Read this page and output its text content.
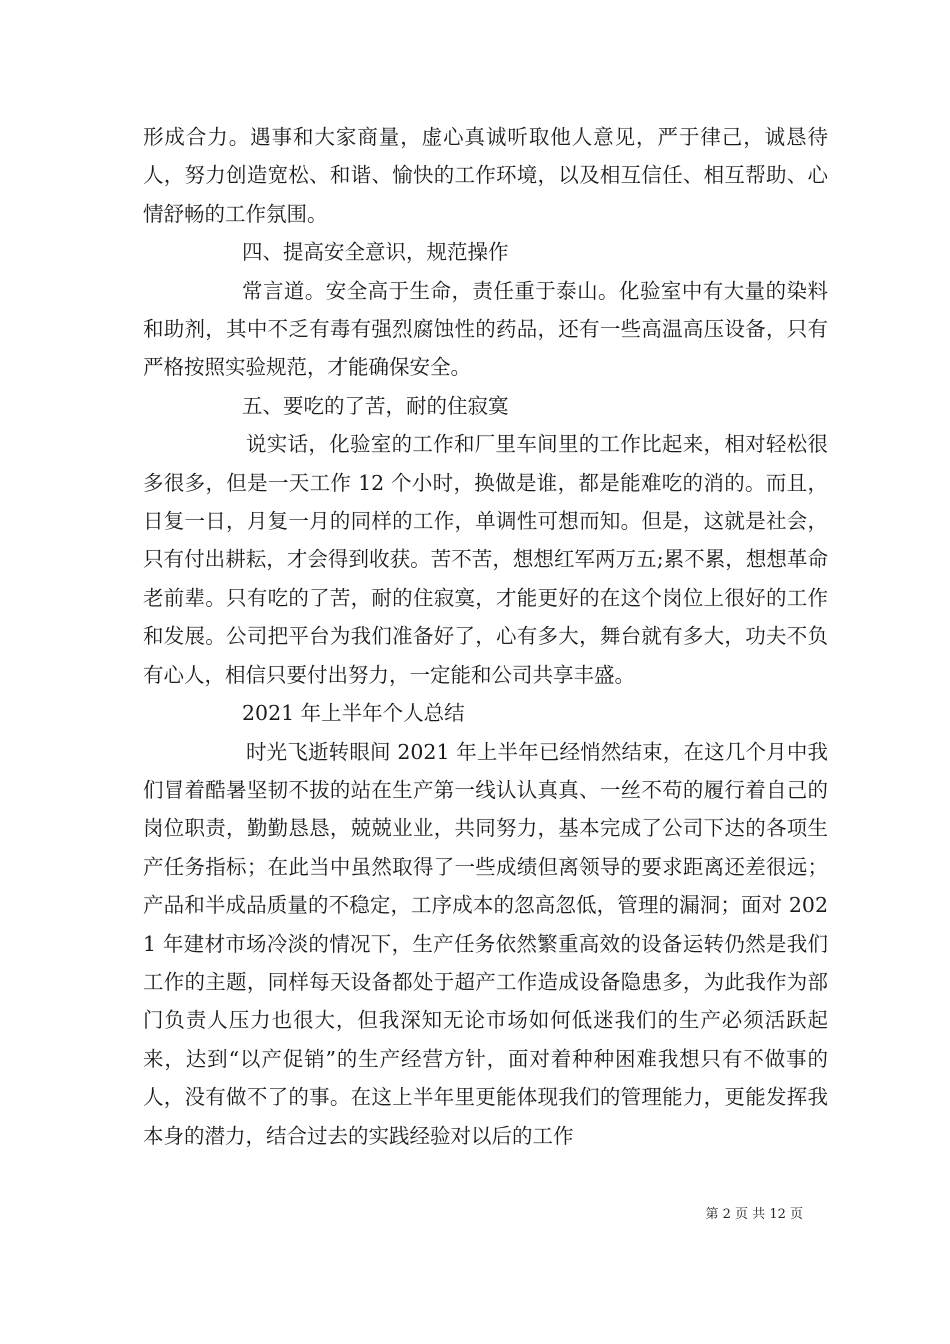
形成合力。遇事和大家商量，虚心真诚听取他人意见，严于律己，诚恳待人，努力创造宽松、和谐、愉快的工作环境，以及相互信任、相互帮助、心情舒畅的工作氛围。

四、提高安全意识，规范操作

常言道。安全高于生命，责任重于泰山。化验室中有大量的染料和助剂，其中不乏有毒有强烈腐蚀性的药品，还有一些高温高压设备，只有严格按照实验规范，才能确保安全。

五、要吃的了苦，耐的住寂寞

说实话，化验室的工作和厂里车间里的工作比起来，相对轻松很多很多，但是一天工作 12 个小时，换做是谁，都是能难吃的消的。而且，日复一日，月复一月的同样的工作，单调性可想而知。但是，这就是社会，只有付出耕耘，才会得到收获。苦不苦，想想红军两万五;累不累，想想革命老前辈。只有吃的了苦，耐的住寂寞，才能更好的在这个岗位上很好的工作和发展。公司把平台为我们准备好了，心有多大，舞台就有多大，功夫不负有心人，相信只要付出努力，一定能和公司共享丰盛。

2021 年上半年个人总结

时光飞逝转眼间 2021 年上半年已经悄然结束，在这几个月中我们冒着酷暑坚韧不拔的站在生产第一线认认真真、一丝不苟的履行着自己的岗位职责，勤勤恳恳，兢兢业业，共同努力，基本完成了公司下达的各项生产任务指标；在此当中虽然取得了一些成绩但离领导的要求距离还差很远；产品和半成品质量的不稳定，工序成本的忽高忽低，管理的漏洞；面对 2021 年建材市场冷淡的情况下，生产任务依然繁重高效的设备运转仍然是我们工作的主题，同样每天设备都处于超产工作造成设备隐患多，为此我作为部门负责人压力也很大，但我深知无论市场如何低迷我们的生产必须活跃起来，达到“以产促销”的生产经营方针，面对着种种困难我想只有不做事的人，没有做不了的事。在这上半年里更能体现我们的管理能力，更能发挥我本身的潜力，结合过去的实践经验对以后的工作

第 2 页 共 12 页
